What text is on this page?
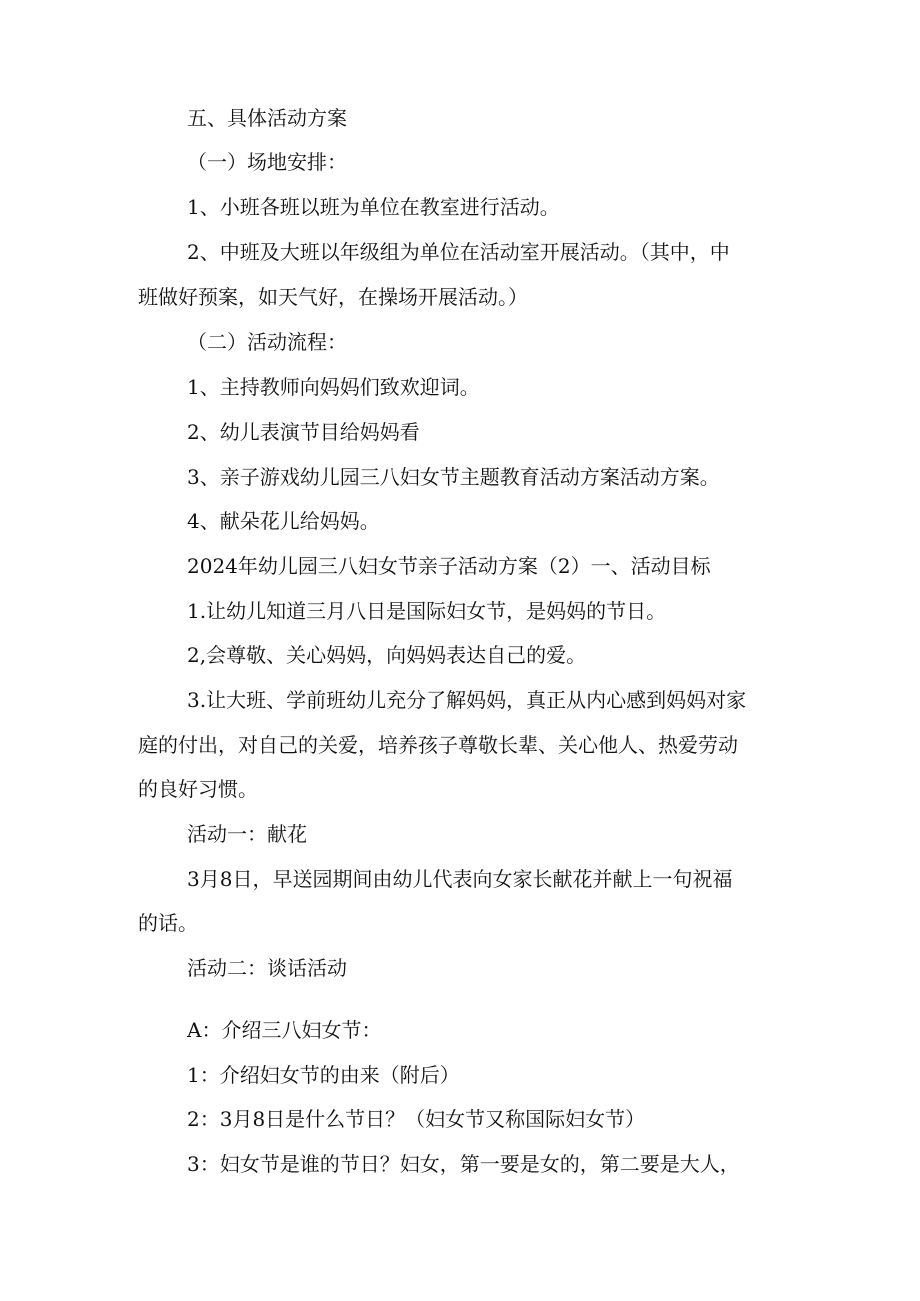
五、具体活动方案

（一）场地安排：

1、小班各班以班为单位在教室进行活动。

2、中班及大班以年级组为单位在活动室开展活动。（其中，中

班做好预案，如天气好，在操场开展活动。）

（二）活动流程：

1、主持教师向妈妈们致欢迎词。

2、幼儿表演节目给妈妈看

3、亲子游戏幼儿园三八妇女节主题教育活动方案活动方案。

4、献朵花儿给妈妈。

2024年幼儿园三八妇女节亲子活动方案（2）一、活动目标

1.让幼儿知道三月八日是国际妇女节，是妈妈的节日。

2,会尊敬、关心妈妈，向妈妈表达自己的爱。

3.让大班、学前班幼儿充分了解妈妈，真正从内心感到妈妈对家

庭的付出，对自己的关爱，培养孩子尊敬长辈、关心他人、热爱劳动

的良好习惯。

活动一：献花

3月8日，早送园期间由幼儿代表向女家长献花并献上一句祝福

的话。

活动二：谈话活动

A：介绍三八妇女节：

1：介绍妇女节的由来（附后）

2：3月8日是什么节日？（妇女节又称国际妇女节）

3：妇女节是谁的节日？妇女，第一要是女的，第二要是大人，
